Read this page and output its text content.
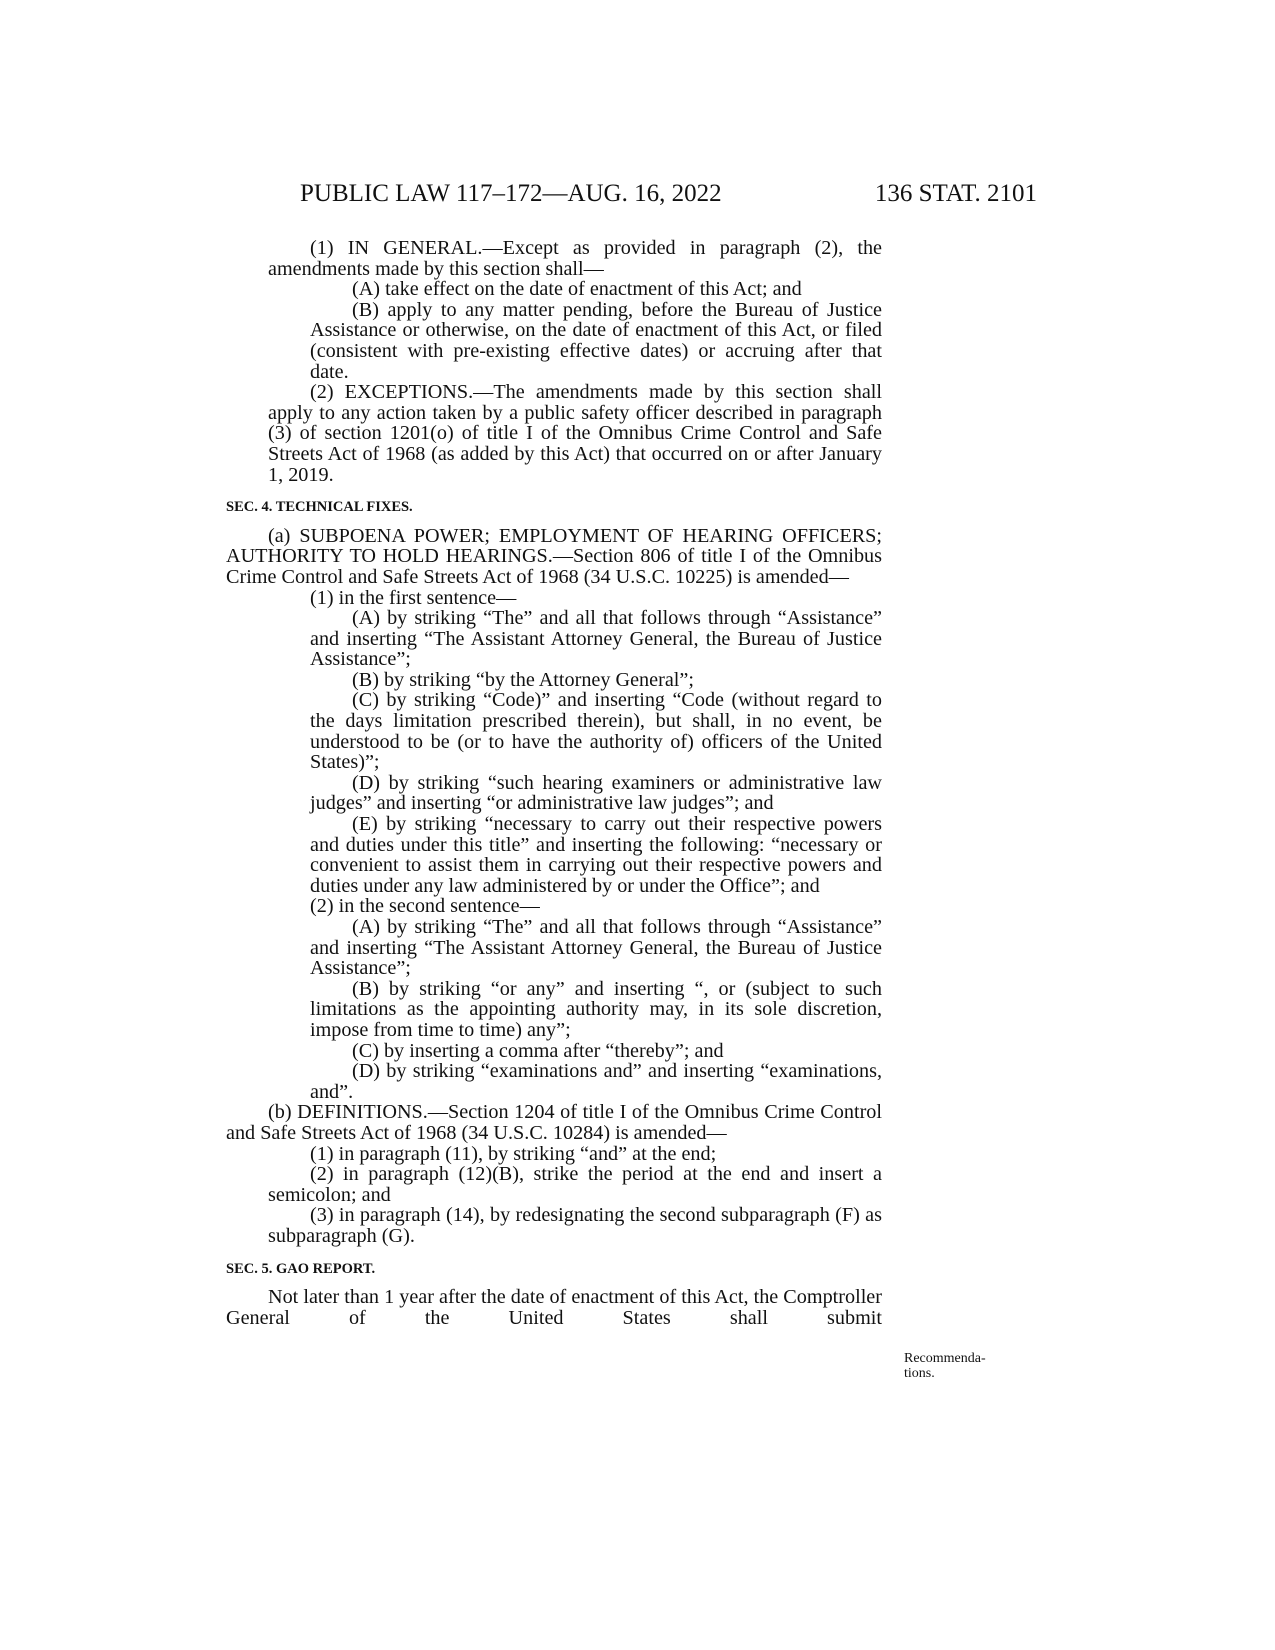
PUBLIC LAW 117–172—AUG. 16, 2022	136 STAT. 2101

(1) IN GENERAL.—Except as provided in paragraph (2), the amendments made by this section shall—

(A) take effect on the date of enactment of this Act; and

(B) apply to any matter pending, before the Bureau of Justice Assistance or otherwise, on the date of enactment of this Act, or filed (consistent with pre-existing effective dates) or accruing after that date.

(2) EXCEPTIONS.—The amendments made by this section shall apply to any action taken by a public safety officer described in paragraph (3) of section 1201(o) of title I of the Omnibus Crime Control and Safe Streets Act of 1968 (as added by this Act) that occurred on or after January 1, 2019.

SEC. 4. TECHNICAL FIXES.

(a) SUBPOENA POWER; EMPLOYMENT OF HEARING OFFICERS; AUTHORITY TO HOLD HEARINGS.—Section 806 of title I of the Omnibus Crime Control and Safe Streets Act of 1968 (34 U.S.C. 10225) is amended—

(1) in the first sentence—

(A) by striking “The” and all that follows through “Assistance” and inserting “The Assistant Attorney General, the Bureau of Justice Assistance”;

(B) by striking “by the Attorney General”;

(C) by striking “Code)” and inserting “Code (without regard to the days limitation prescribed therein), but shall, in no event, be understood to be (or to have the authority of) officers of the United States)”;

(D) by striking “such hearing examiners or administrative law judges” and inserting “or administrative law judges”; and

(E) by striking “necessary to carry out their respective powers and duties under this title” and inserting the following: “necessary or convenient to assist them in carrying out their respective powers and duties under any law administered by or under the Office”; and

(2) in the second sentence—

(A) by striking “The” and all that follows through “Assistance” and inserting “The Assistant Attorney General, the Bureau of Justice Assistance”;

(B) by striking “or any” and inserting “, or (subject to such limitations as the appointing authority may, in its sole discretion, impose from time to time) any”;

(C) by inserting a comma after “thereby”; and

(D) by striking “examinations and” and inserting “examinations, and”.

(b) DEFINITIONS.—Section 1204 of title I of the Omnibus Crime Control and Safe Streets Act of 1968 (34 U.S.C. 10284) is amended—

(1) in paragraph (11), by striking “and” at the end;

(2) in paragraph (12)(B), strike the period at the end and insert a semicolon; and

(3) in paragraph (14), by redesignating the second subparagraph (F) as subparagraph (G).

SEC. 5. GAO REPORT.

Not later than 1 year after the date of enactment of this Act, the Comptroller General of the United States shall submit

Recommenda-
tions.
